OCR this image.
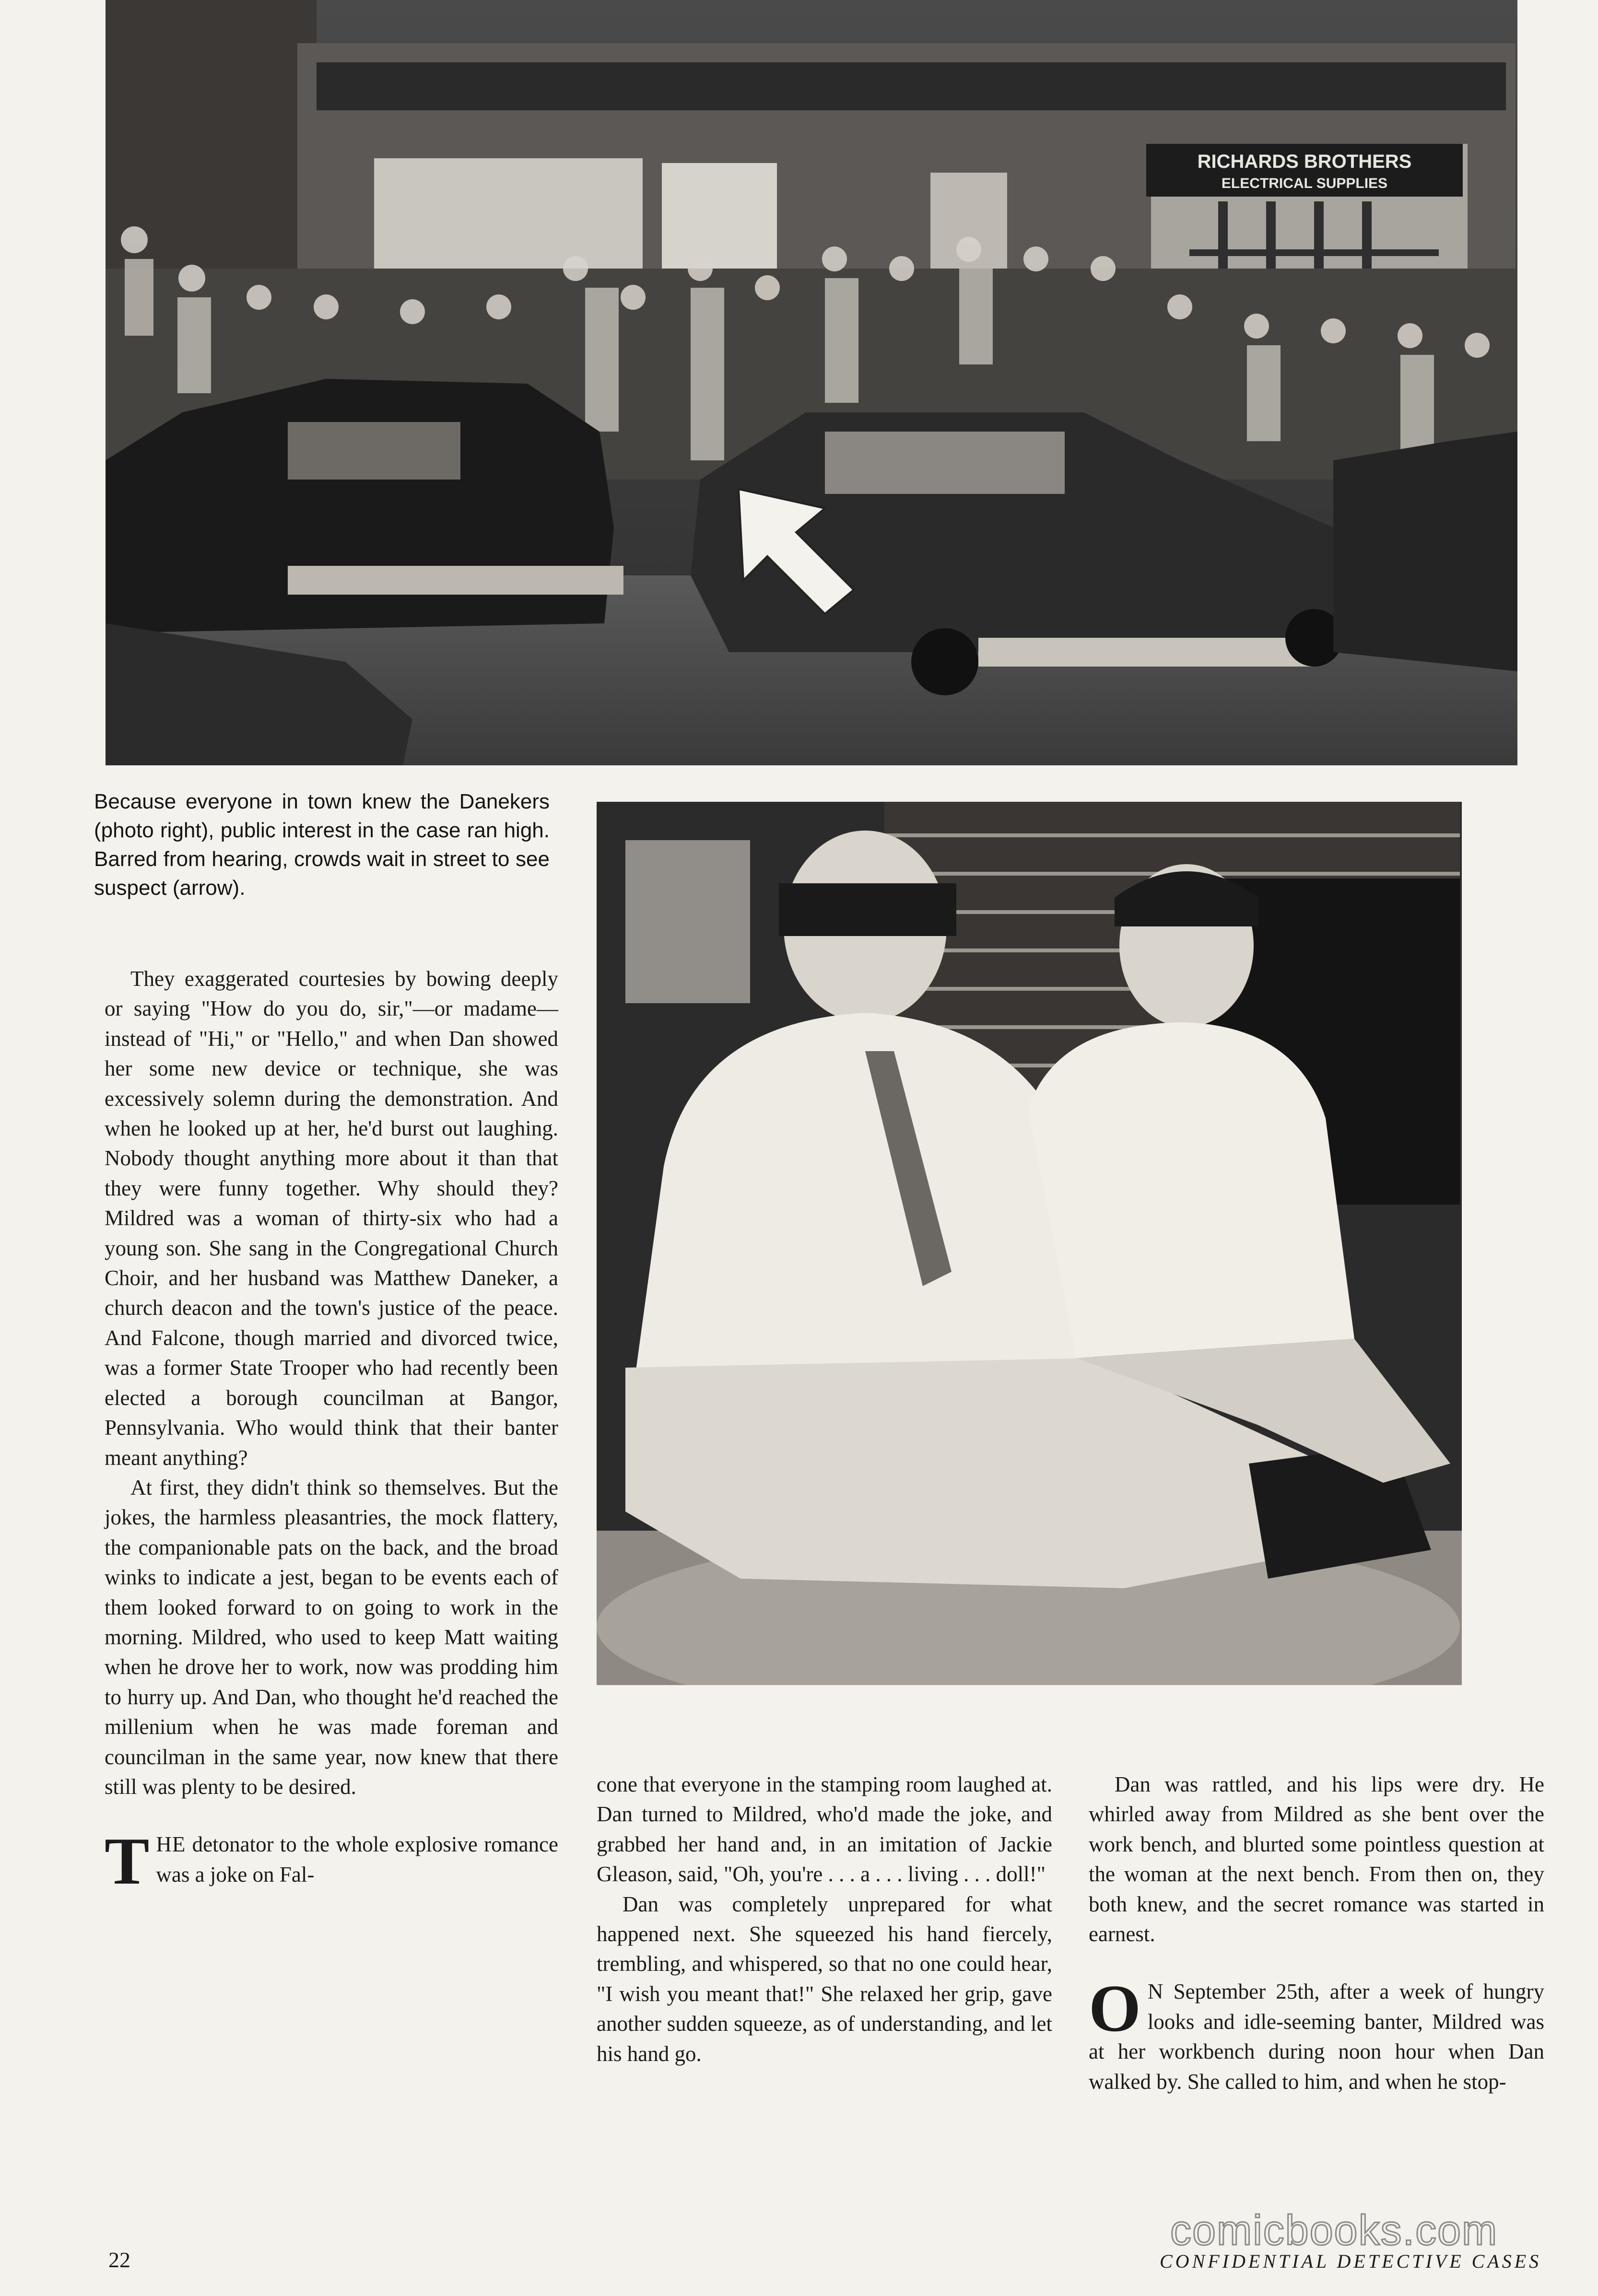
RICHARDS BROTHERS
ELECTRICAL SUPPLIES
Because everyone in town knew the Danekers (photo right), public interest in the case ran high. Barred from hearing, crowds wait in street to see suspect (arrow).

They exaggerated courtesies by bowing deeply or saying "How do you do, sir,"—or madame—instead of "Hi," or "Hello," and when Dan showed her some new device or technique, she was excessively solemn during the demonstration. And when he looked up at her, he'd burst out laughing. Nobody thought anything more about it than that they were funny together. Why should they? Mildred was a woman of thirty-six who had a young son. She sang in the Congregational Church Choir, and her husband was Matthew Daneker, a church deacon and the town's justice of the peace. And Falcone, though married and divorced twice, was a former State Trooper who had recently been elected a borough councilman at Bangor, Pennsylvania. Who would think that their banter meant anything?

At first, they didn't think so themselves. But the jokes, the harmless pleasantries, the mock flattery, the companionable pats on the back, and the broad winks to indicate a jest, began to be events each of them looked forward to on going to work in the morning. Mildred, who used to keep Matt waiting when he drove her to work, now was prodding him to hurry up. And Dan, who thought he'd reached the millenium when he was made foreman and councilman in the same year, now knew that there still was plenty to be desired.

THE detonator to the whole explosive romance was a joke on Fal-

cone that everyone in the stamping room laughed at. Dan turned to Mildred, who'd made the joke, and grabbed her hand and, in an imitation of Jackie Gleason, said, "Oh, you're . . . a . . . living . . . doll!"

Dan was completely unprepared for what happened next. She squeezed his hand fiercely, trembling, and whispered, so that no one could hear, "I wish you meant that!" She relaxed her grip, gave another sudden squeeze, as of understanding, and let his hand go.

Dan was rattled, and his lips were dry. He whirled away from Mildred as she bent over the work bench, and blurted some pointless question at the woman at the next bench. From then on, they both knew, and the secret romance was started in earnest.

O N September 25th, after a week of hungry looks and idle-seeming banter, Mildred was at her workbench during noon hour when Dan walked by. She called to him, and when he stop-

22
comicbooks.com
CONFIDENTIAL DETECTIVE CASES
